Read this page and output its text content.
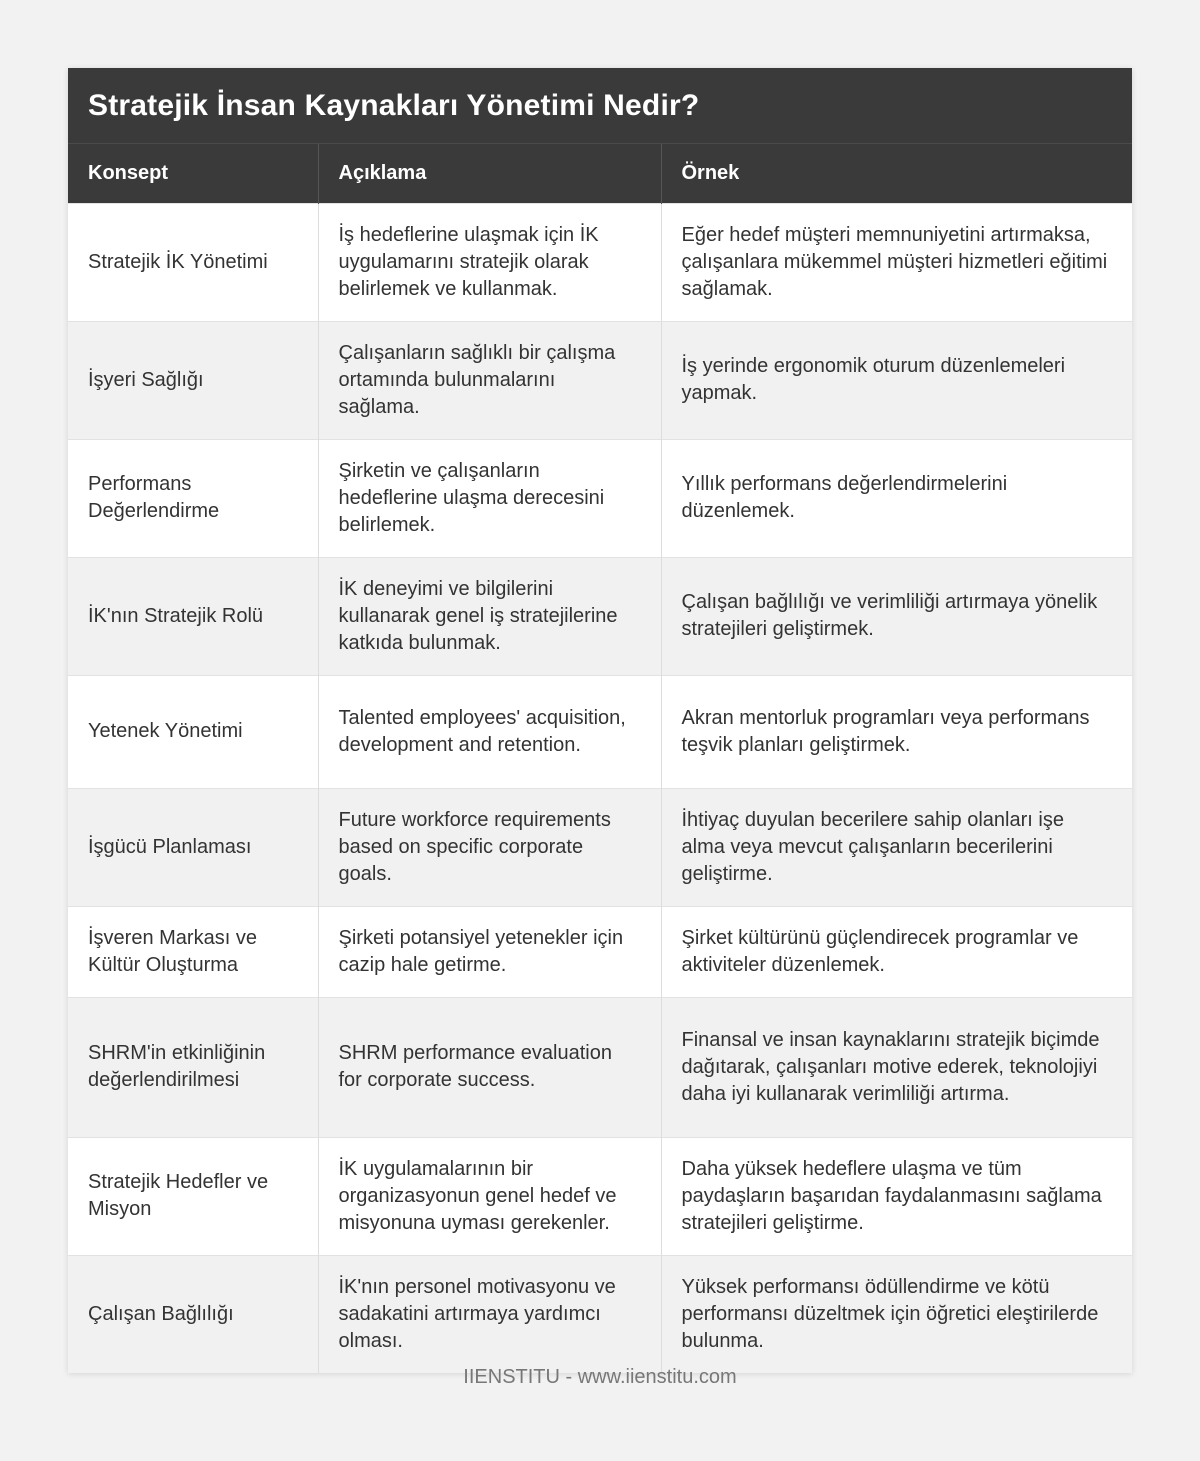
Stratejik İnsan Kaynakları Yönetimi Nedir?
Konsept	Açıklama	Örnek
Stratejik İK Yönetimi	İş hedeflerine ulaşmak için İK uygulamarını stratejik olarak belirlemek ve kullanmak.	Eğer hedef müşteri memnuniyetini artırmaksa, çalışanlara mükemmel müşteri hizmetleri eğitimi sağlamak.
İşyeri Sağlığı	Çalışanların sağlıklı bir çalışma ortamında bulunmalarını sağlama.	İş yerinde ergonomik oturum düzenlemeleri yapmak.
Performans Değerlendirme	Şirketin ve çalışanların hedeflerine ulaşma derecesini belirlemek.	Yıllık performans değerlendirmelerini düzenlemek.
İK'nın Stratejik Rolü	İK deneyimi ve bilgilerini kullanarak genel iş stratejilerine katkıda bulunmak.	Çalışan bağlılığı ve verimliliği artırmaya yönelik stratejileri geliştirmek.
Yetenek Yönetimi	Talented employees' acquisition, development and retention.	Akran mentorluk programları veya performans teşvik planları geliştirmek.
İşgücü Planlaması	Future workforce requirements based on specific corporate goals.	İhtiyaç duyulan becerilere sahip olanları işe alma veya mevcut çalışanların becerilerini geliştirme.
İşveren Markası ve Kültür Oluşturma	Şirketi potansiyel yetenekler için cazip hale getirme.	Şirket kültürünü güçlendirecek programlar ve aktiviteler düzenlemek.
SHRM'in etkinliğinin değerlendirilmesi	SHRM performance evaluation for corporate success.	Finansal ve insan kaynaklarını stratejik biçimde dağıtarak, çalışanları motive ederek, teknolojiyi daha iyi kullanarak verimliliği artırma.
Stratejik Hedefler ve Misyon	İK uygulamalarının bir organizasyonun genel hedef ve misyonuna uyması gerekenler.	Daha yüksek hedeflere ulaşma ve tüm paydaşların başarıdan faydalanmasını sağlama stratejileri geliştirme.
Çalışan Bağlılığı	İK'nın personel motivasyonu ve sadakatini artırmaya yardımcı olması.	Yüksek performansı ödüllendirme ve kötü performansı düzeltmek için öğretici eleştirilerde bulunma.
IIENSTITU - www.iienstitu.com
